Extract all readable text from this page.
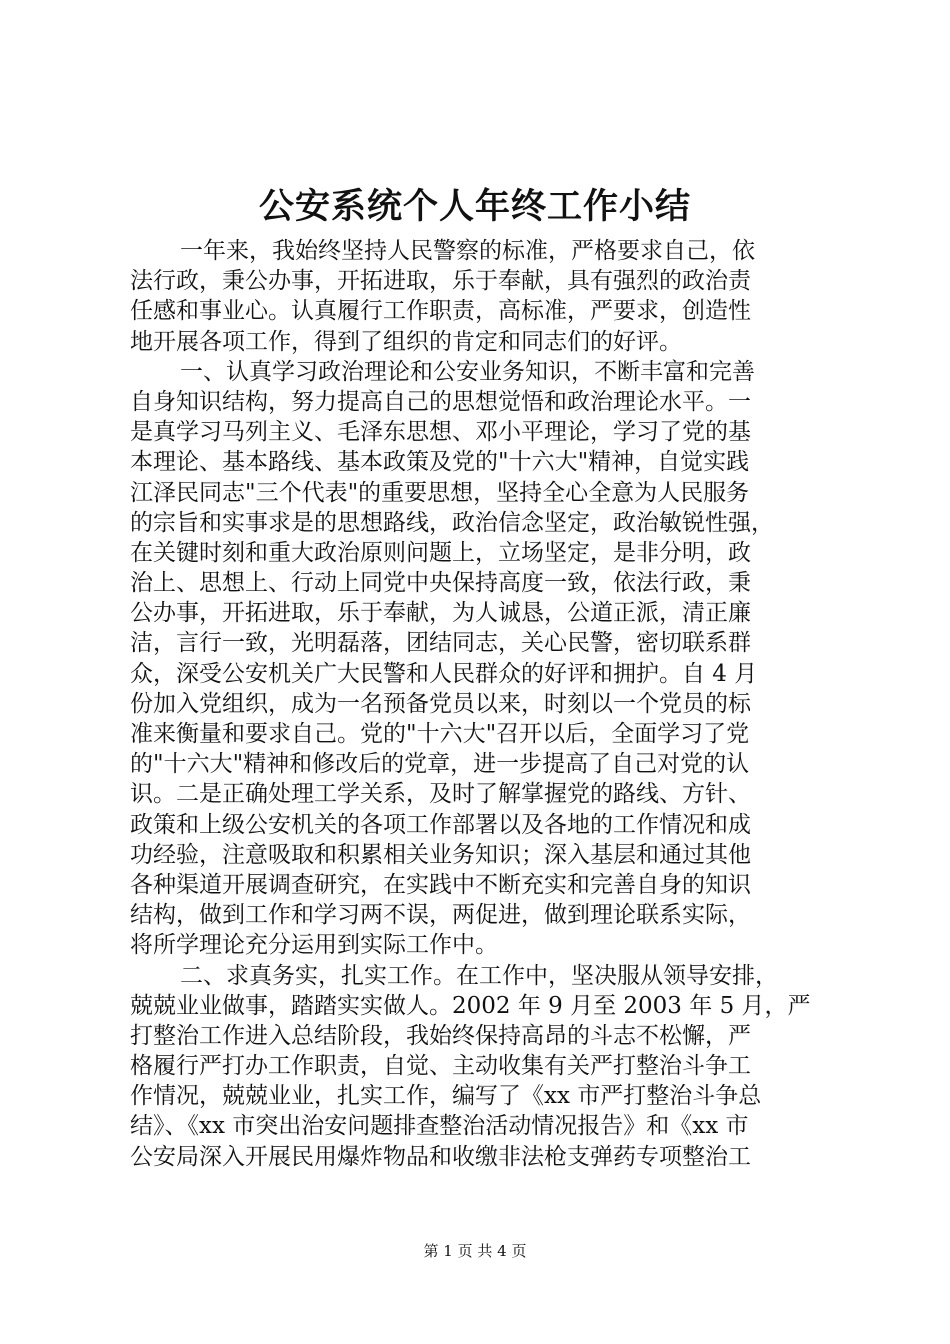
公安系统个人年终工作小结
一年来，我始终坚持人民警察的标准，严格要求自己，依
法行政，秉公办事，开拓进取，乐于奉献，具有强烈的政治责
任感和事业心。认真履行工作职责，高标准，严要求，创造性
地开展各项工作，得到了组织的肯定和同志们的好评。
一、认真学习政治理论和公安业务知识，不断丰富和完善
自身知识结构，努力提高自己的思想觉悟和政治理论水平。一
是真学习马列主义、毛泽东思想、邓小平理论，学习了党的基
本理论、基本路线、基本政策及党的"十六大"精神，自觉实践
江泽民同志"三个代表"的重要思想，坚持全心全意为人民服务
的宗旨和实事求是的思想路线，政治信念坚定，政治敏锐性强，
在关键时刻和重大政治原则问题上，立场坚定，是非分明，政
治上、思想上、行动上同党中央保持高度一致，依法行政，秉
公办事，开拓进取，乐于奉献，为人诚恳，公道正派，清正廉
洁，言行一致，光明磊落，团结同志，关心民警，密切联系群
众，深受公安机关广大民警和人民群众的好评和拥护。自 4 月
份加入党组织，成为一名预备党员以来，时刻以一个党员的标
准来衡量和要求自己。党的"十六大"召开以后，全面学习了党
的"十六大"精神和修改后的党章，进一步提高了自己对党的认
识。二是正确处理工学关系，及时了解掌握党的路线、方针、
政策和上级公安机关的各项工作部署以及各地的工作情况和成
功经验，注意吸取和积累相关业务知识；深入基层和通过其他
各种渠道开展调查研究，在实践中不断充实和完善自身的知识
结构，做到工作和学习两不误，两促进，做到理论联系实际，
将所学理论充分运用到实际工作中。
二、求真务实，扎实工作。在工作中，坚决服从领导安排，
兢兢业业做事，踏踏实实做人。2002 年 9 月至 2003 年 5 月，严
打整治工作进入总结阶段，我始终保持高昂的斗志不松懈，严
格履行严打办工作职责，自觉、主动收集有关严打整治斗争工
作情况，兢兢业业，扎实工作，编写了《xx 市严打整治斗争总
结》、《xx 市突出治安问题排查整治活动情况报告》和《xx 市
公安局深入开展民用爆炸物品和收缴非法枪支弹药专项整治工
第 1 页 共 4 页
